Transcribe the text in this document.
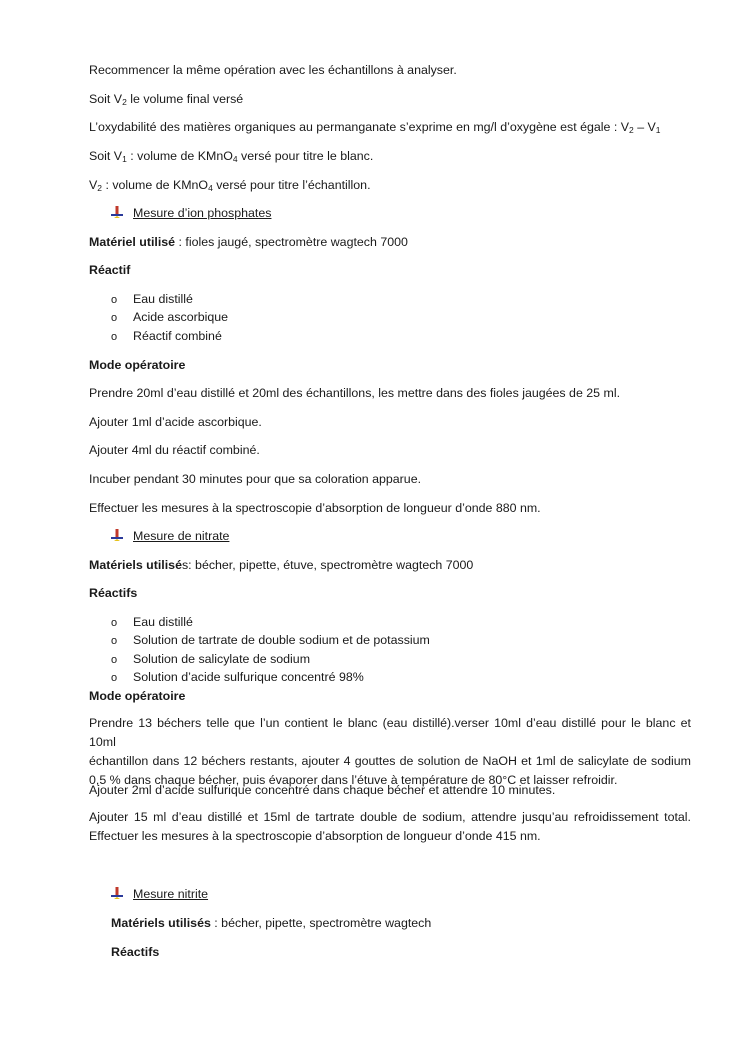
Recommencer la même opération avec les échantillons à analyser.

Soit $V_2$ le volume final versé

L’oxydabilité des matières organiques au permanganate s’exprime en mg/l d’oxygène est égale : $V_2 - V_1$

Soit $V_1$ : volume de KMnO$_4$ versé pour titre le blanc.

$V_2$ : volume de KMnO$_4$ versé pour titre l’échantillon.

Mesure d’ion phosphates

Matériel utilisé : fioles jaugé, spectromètre wagtech 7000

Réactif

o Eau distillé
o Acide ascorbique
o Réactif combiné

Mode opératoire

Prendre 20ml d’eau distillé et 20ml des échantillons, les mettre dans des fioles jaugées de 25 ml.

Ajouter 1ml d’acide ascorbique.

Ajouter 4ml du réactif combiné.

Incuber pendant 30 minutes pour que sa coloration apparue.

Effectuer les mesures à la spectroscopie d’absorption de longueur d’onde 880 nm.

Mesure de nitrate

Matériels utilisés: bécher, pipette, étuve, spectromètre wagtech 7000

Réactifs

o Eau distillé
o Solution de tartrate de double sodium et de potassium
o Solution de salicylate de sodium
o Solution d’acide sulfurique concentré 98%

Mode opératoire

Prendre 13 béchers telle que l’un contient le blanc (eau distillé).verser 10ml d’eau distillé pour le blanc et 10ml
échantillon dans 12 béchers restants, ajouter 4 gouttes de solution de NaOH et 1ml de salicylate de sodium
0,5 % dans chaque bécher, puis évaporer dans l’étuve à température de 80°C et laisser refroidir.

Ajouter 2ml d’acide sulfurique concentré dans chaque bécher et attendre 10 minutes.

Ajouter 15 ml d’eau distillé et 15ml de tartrate double de sodium, attendre jusqu’au refroidissement total.
Effectuer les mesures à la spectroscopie d’absorption de longueur d’onde 415 nm.
Mesure nitrite

Matériels utilisés : bécher, pipette, spectromètre wagtech

Réactifs
